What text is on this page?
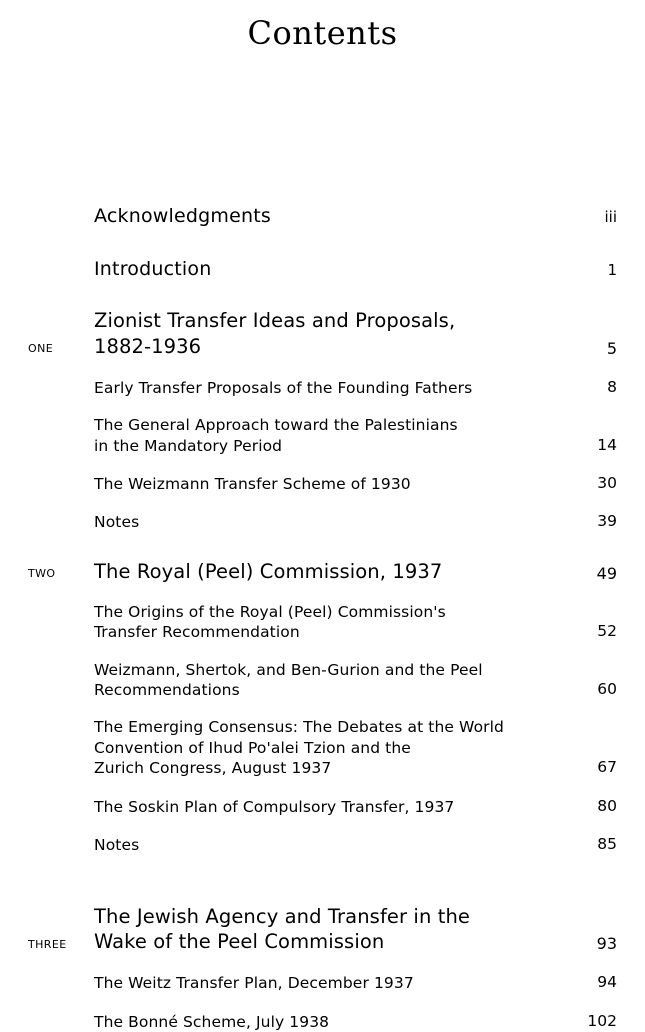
Contents
Acknowledgments	iii
Introduction	1
one
Zionist Transfer Ideas and Proposals,
1882-1936	5
Early Transfer Proposals of the Founding Fathers	8
The General Approach toward the Palestinians
in the Mandatory Period	14
The Weizmann Transfer Scheme of 1930	30
Notes	39
two	The Royal (Peel) Commission, 1937	49
The Origins of the Royal (Peel) Commission's
Transfer Recommendation	52
Weizmann, Shertok, and Ben-Gurion and the Peel
Recommendations	60
The Emerging Consensus: The Debates at the World
Convention of Ihud Po'alei Tzion and the
Zurich Congress, August 1937	67
The Soskin Plan of Compulsory Transfer, 1937	80
Notes	85
three
The Jewish Agency and Transfer in the
Wake of the Peel Commission	93
The Weitz Transfer Plan, December 1937	94
The Bonné Scheme, July 1938	102
